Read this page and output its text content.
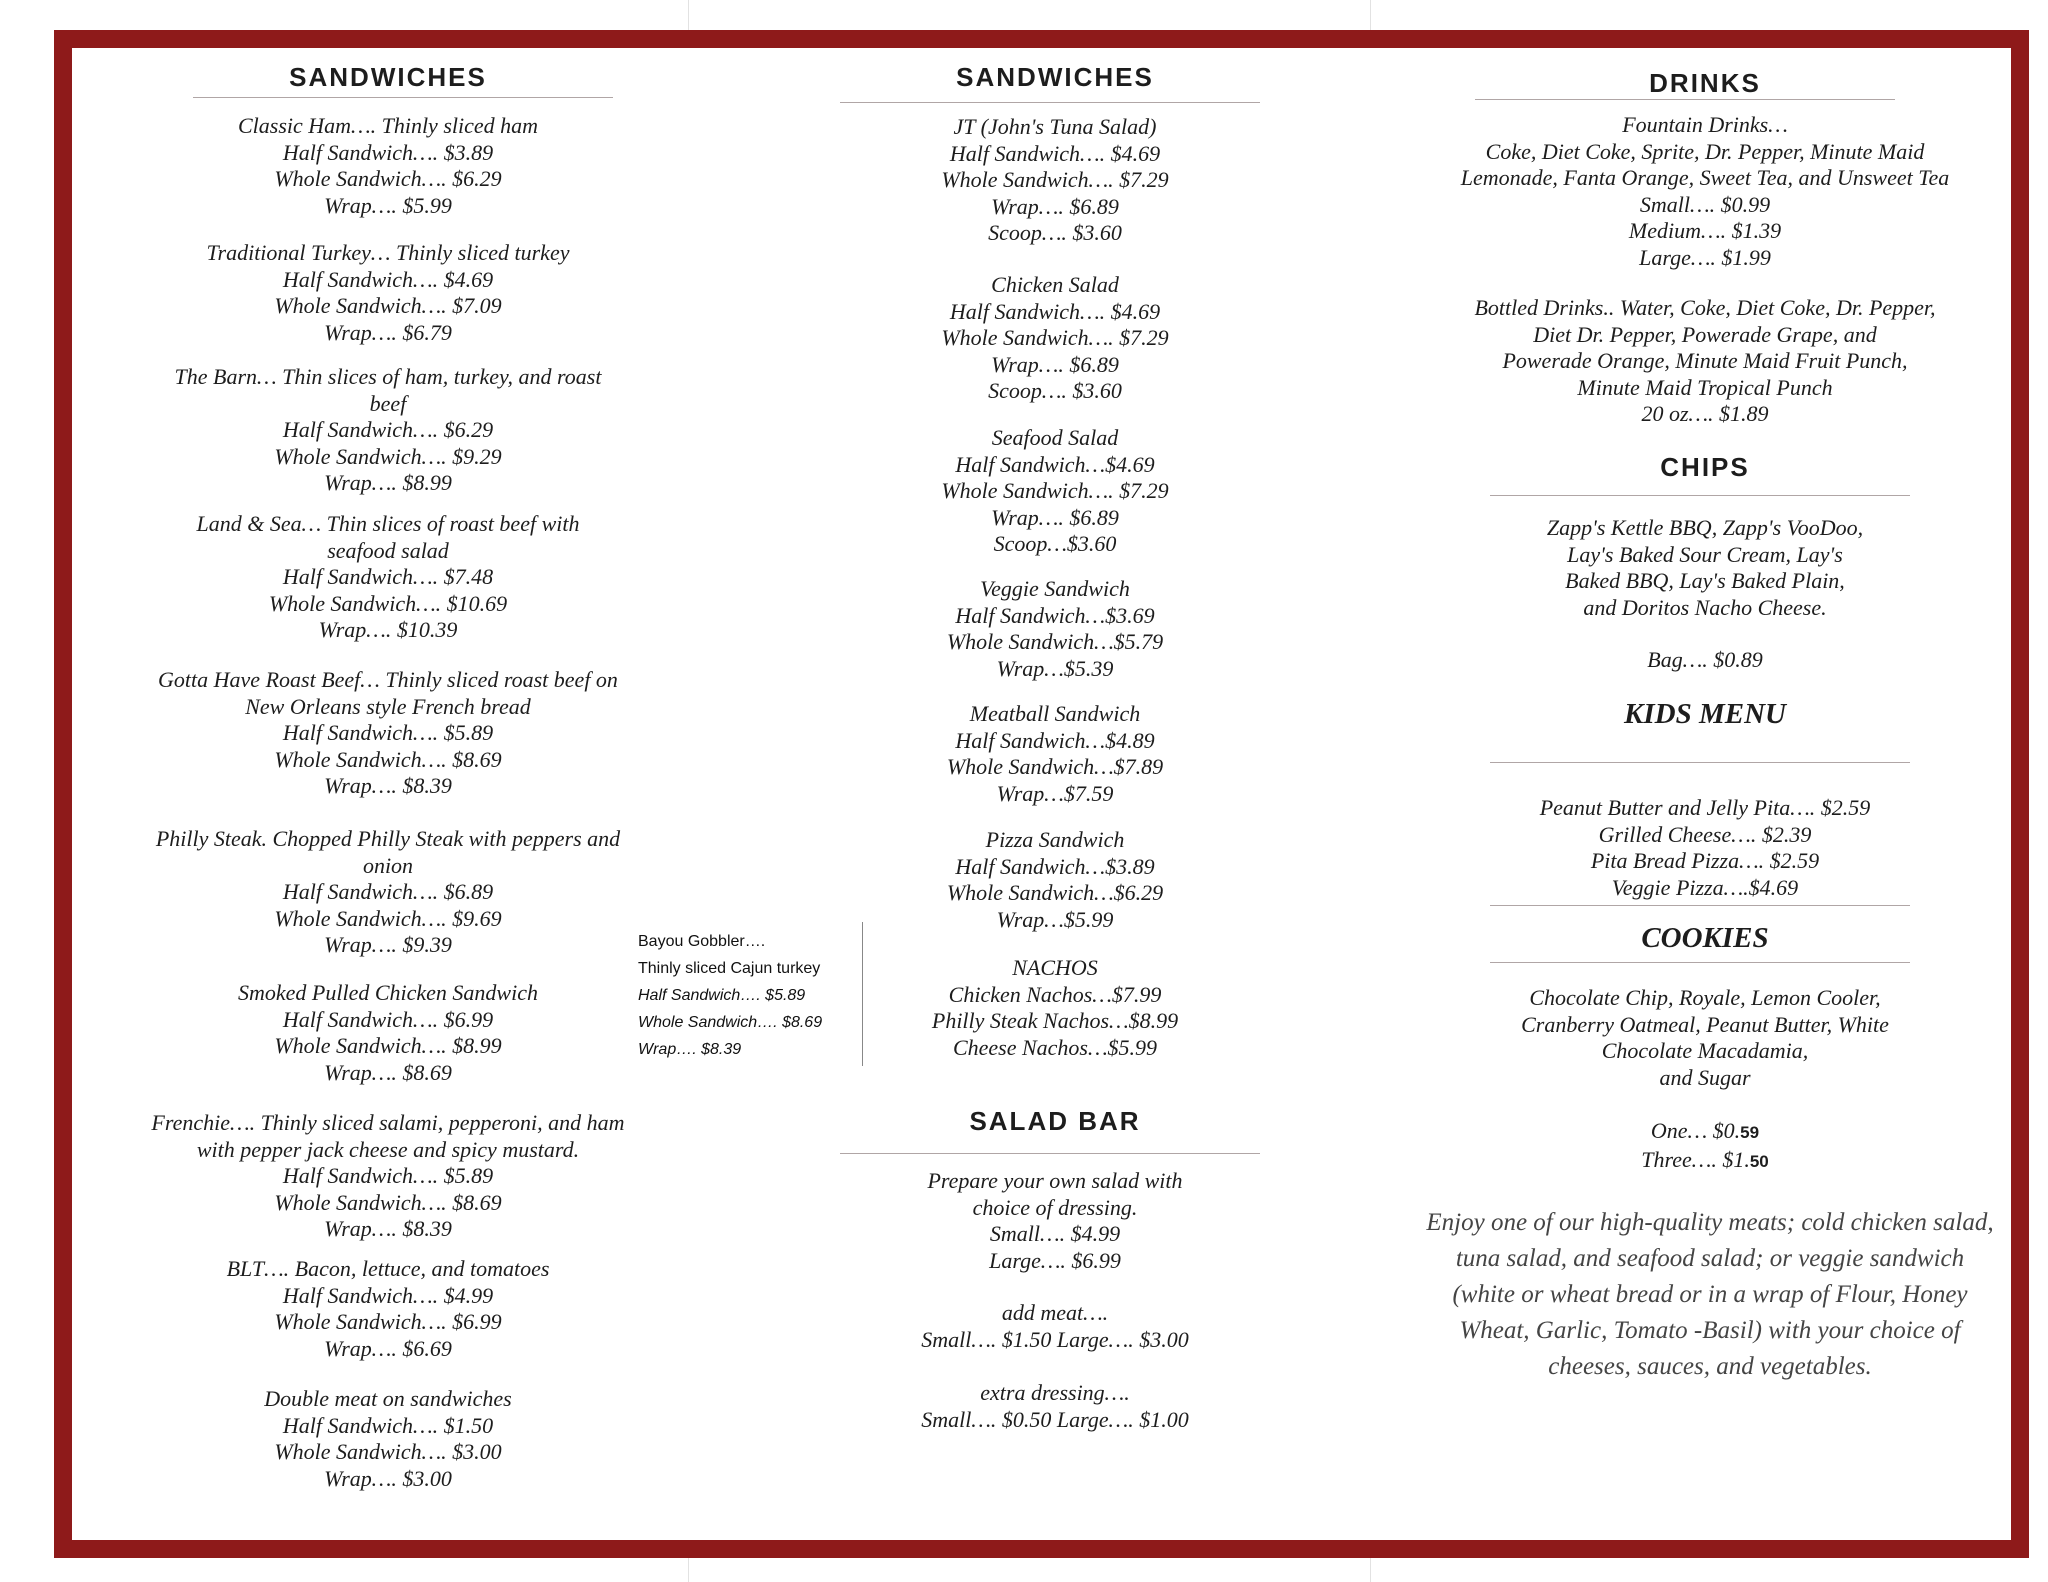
SANDWICHES
Classic Ham…. Thinly sliced ham
Half Sandwich…. $3.89
Whole Sandwich…. $6.29
Wrap…. $5.99
Traditional Turkey… Thinly sliced turkey
Half Sandwich…. $4.69
Whole Sandwich…. $7.09
Wrap…. $6.79
The Barn… Thin slices of ham, turkey, and roast beef
Half Sandwich…. $6.29
Whole Sandwich…. $9.29
Wrap…. $8.99
Land & Sea… Thin slices of roast beef with seafood salad
Half Sandwich…. $7.48
Whole Sandwich…. $10.69
Wrap…. $10.39
Gotta Have Roast Beef… Thinly sliced roast beef on New Orleans style French bread
Half Sandwich…. $5.89
Whole Sandwich…. $8.69
Wrap…. $8.39
Philly Steak. Chopped Philly Steak with peppers and onion
Half Sandwich…. $6.89
Whole Sandwich…. $9.69
Wrap…. $9.39
Smoked Pulled Chicken Sandwich
Half Sandwich…. $6.99
Whole Sandwich…. $8.99
Wrap…. $8.69
Frenchie…. Thinly sliced salami, pepperoni, and ham with pepper jack cheese and spicy mustard.
Half Sandwich…. $5.89
Whole Sandwich…. $8.69
Wrap…. $8.39
BLT…. Bacon, lettuce, and tomatoes
Half Sandwich…. $4.99
Whole Sandwich…. $6.99
Wrap…. $6.69
Double meat on sandwiches
Half Sandwich…. $1.50
Whole Sandwich…. $3.00
Wrap…. $3.00
Bayou Gobbler….
Thinly sliced Cajun turkey
Half Sandwich…. $5.89
Whole Sandwich…. $8.69
Wrap…. $8.39
SANDWICHES
JT (John's Tuna Salad)
Half Sandwich…. $4.69
Whole Sandwich…. $7.29
Wrap…. $6.89
Scoop…. $3.60
Chicken Salad
Half Sandwich…. $4.69
Whole Sandwich…. $7.29
Wrap…. $6.89
Scoop…. $3.60
Seafood Salad
Half Sandwich…$4.69
Whole Sandwich…. $7.29
Wrap…. $6.89
Scoop…$3.60
Veggie Sandwich
Half Sandwich…$3.69
Whole Sandwich…$5.79
Wrap…$5.39
Meatball Sandwich
Half Sandwich…$4.89
Whole Sandwich…$7.89
Wrap…$7.59
Pizza Sandwich
Half Sandwich…$3.89
Whole Sandwich…$6.29
Wrap…$5.99
NACHOS
Chicken Nachos…$7.99
Philly Steak Nachos…$8.99
Cheese Nachos…$5.99
SALAD BAR
Prepare your own salad with
choice of dressing.
Small…. $4.99
Large…. $6.99
add meat….
Small…. $1.50 Large…. $3.00
extra dressing….
Small…. $0.50 Large…. $1.00
DRINKS
Fountain Drinks…
Coke, Diet Coke, Sprite, Dr. Pepper, Minute Maid
Lemonade, Fanta Orange, Sweet Tea, and Unsweet Tea
Small…. $0.99
Medium…. $1.39
Large…. $1.99
Bottled Drinks.. Water, Coke, Diet Coke, Dr. Pepper,
Diet Dr. Pepper, Powerade Grape, and
Powerade Orange, Minute Maid Fruit Punch,
Minute Maid Tropical Punch
20 oz…. $1.89
CHIPS
Zapp's Kettle BBQ, Zapp's VooDoo,
Lay's Baked Sour Cream, Lay's
Baked BBQ, Lay's Baked Plain,
and Doritos Nacho Cheese.
Bag…. $0.89
KIDS MENU
Peanut Butter and Jelly Pita…. $2.59
Grilled Cheese…. $2.39
Pita Bread Pizza…. $2.59
Veggie Pizza….$4.69
COOKIES
Chocolate Chip, Royale, Lemon Cooler,
Cranberry Oatmeal, Peanut Butter, White
Chocolate Macadamia,
and Sugar
One… $0.59
Three…. $1.50
Enjoy one of our high-quality meats; cold chicken salad, tuna salad, and seafood salad; or veggie sandwich (white or wheat bread or in a wrap of Flour, Honey Wheat, Garlic, Tomato -Basil) with your choice of cheeses, sauces, and vegetables.
